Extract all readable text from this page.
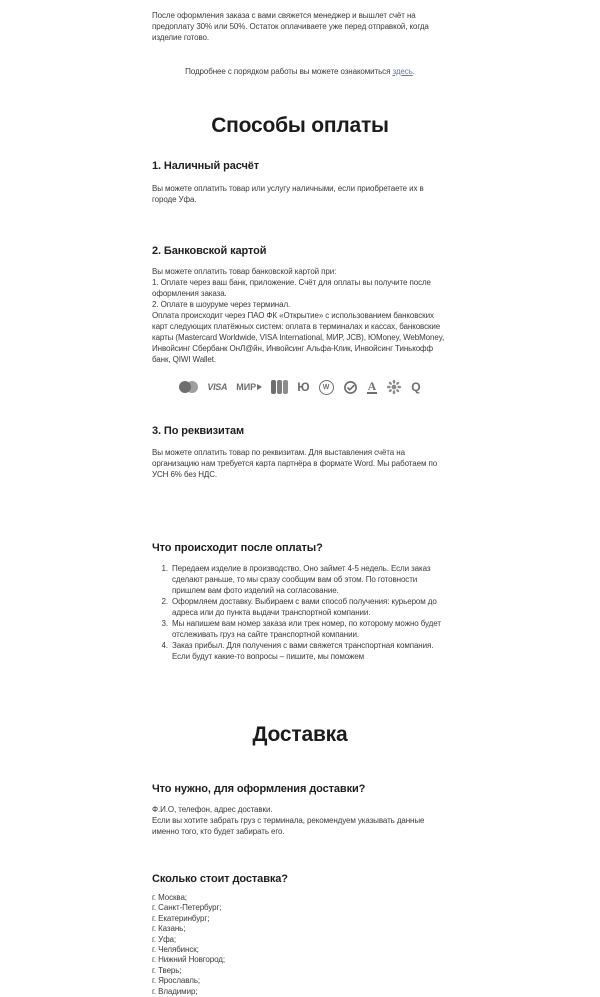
После оформления заказа с вами свяжется менеджер и вышлет счёт на предоплату 30% или 50%. Остаток оплачиваете уже перед отправкой, когда изделие готово.

Подробнее с порядком работы вы можете ознакомиться здесь.

Способы оплаты
1. Наличный расчёт

Вы можете оплатить товар или услугу наличными, если приобретаете их в городе Уфа.

2. Банковской картой
Вы можете оплатить товар банковской картой при:
1. Оплате через ваш банк, приложение. Счёт для оплаты вы получите после оформления заказа.
2. Оплате в шоуруме через терминал.
Оплата происходит через ПАО ФК «Открытие» с использованием банковских карт следующих платёжных систем: оплата в терминалах и кассах, банковские карты (Mastercard Worldwide, VISA International, МИР, JCB), ЮMoney, WebMoney, Инвойсинг Сбербанк ОнЛ@йн, Инвойсинг Альфа-Клик, Инвойсинг Тинькофф банк, QIWI Wallet.
VISA МИР	Ю	W	A	Q
3. По реквизитам

Вы можете оплатить товар по реквизитам. Для выставления счёта на организацию нам требуется карта партнёра в формате Word. Мы работаем по УСН 6% без НДС.

Что происходит после оплаты?
1. Передаем изделие в производство. Оно займет 4-5 недель. Если заказ сделают раньше, то мы сразу сообщим вам об этом. По готовности пришлем вам фото изделий на согласование.
2. Оформляем доставку. Выбираем с вами способ получения: курьером до адреса или до пункта выдачи транспортной компании.
3. Мы напишем вам номер заказа или трек номер, по которому можно будет отслеживать груз на сайте транспортной компании.
4. Заказ прибыл. Для получения с вами свяжется транспортная компания. Если будут какие-то вопросы – пишите, мы поможем
Доставка
Что нужно, для оформления доставки?
Ф.И.О, телефон, адрес доставки.
Если вы хотите забрать груз с терминала, рекомендуем указывать данные именно того, кто будет забирать его.
Сколько стоит доставка?
г. Москва;
г. Санкт-Петербург;
г. Екатеринбург;
г. Казань;
г. Уфа;
г. Челябинск;
г. Нижний Новгород;
г. Тверь;
г. Ярославль;
г. Владимир;
